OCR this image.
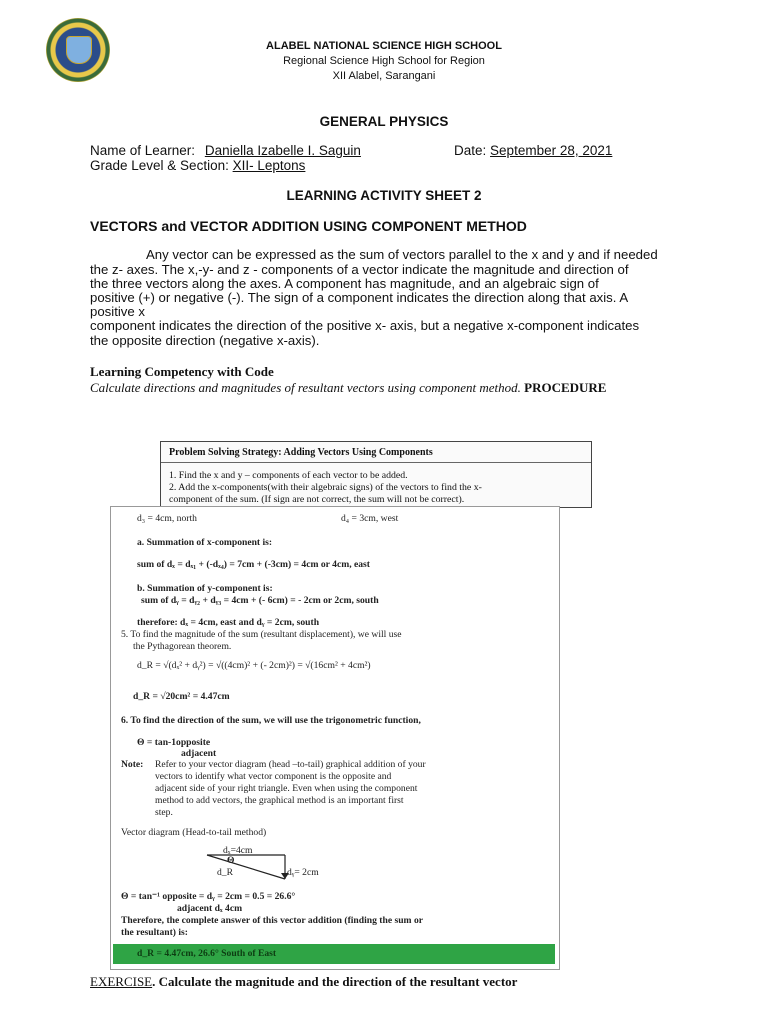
ALABEL NATIONAL SCIENCE HIGH SCHOOL
Regional Science High School for Region
XII Alabel, Sarangani
GENERAL PHYSICS
Name of Learner: Daniella Izabelle I. Saguin	Date: September 28, 2021
Grade Level & Section: XII- Leptons
LEARNING ACTIVITY SHEET 2
VECTORS and VECTOR ADDITION USING COMPONENT METHOD
Any vector can be expressed as the sum of vectors parallel to the x and y and if needed
the z- axes. The x,-y- and z - components of a vector indicate the magnitude and direction of
the three vectors along the axes. A component has magnitude, and an algebraic sign of
positive (+) or negative (-). The sign of a component indicates the direction along that axis. A
positive x
component indicates the direction of the positive x- axis, but a negative x-component indicates
the opposite direction (negative x-axis).
Learning Competency with Code
Calculate directions and magnitudes of resultant vectors using component method. PROCEDURE
Problem Solving Strategy: Adding Vectors Using Components
1. Find the x and y – components of each vector to be added.
2. Add the x-components(with their algebraic signs) of the vectors to find the x-
component of the sum. (If sign are not correct, the sum will not be correct).
d₃ = 4cm, north	d₄ = 3cm, west
a. Summation of x-component is:
sum of dₓ = dₓ₁ + (-dₓ₄) = 7cm + (-3cm) = 4cm or 4cm, east
b. Summation of y-component is:
sum of dᵧ = dᵧ₂ + dᵧ₃ = 4cm + (- 6cm) = - 2cm or 2cm, south
therefore: dₓ = 4cm, east and dᵧ = 2cm, south
5. To find the magnitude of the sum (resultant displacement), we will use
the Pythagorean theorem.
d_R = √(dₓ² + dᵧ²) = √((4cm)² + (- 2cm)²) = √(16cm² + 4cm²)
d_R = √20cm² = 4.47cm
6. To find the direction of the sum, we will use the trigonometric function,
Θ = tan-1opposite
adjacent
Note: Refer to your vector diagram (head –to-tail) graphical addition of your
vectors to identify what vector component is the opposite and
adjacent side of your right triangle. Even when using the component
method to add vectors, the graphical method is an important first
step.
Vector diagram (Head-to-tail method)
dₓ=4cm
dᵧ= 2cm
d_R
Θ
Θ = tan⁻¹ opposite = dᵧ = 2cm = 0.5 = 26.6°
adjacent dₓ 4cm
Therefore, the complete answer of this vector addition (finding the sum or
the resultant) is:
d_R = 4.47cm, 26.6° South of East
EXERCISE. Calculate the magnitude and the direction of the resultant vector
